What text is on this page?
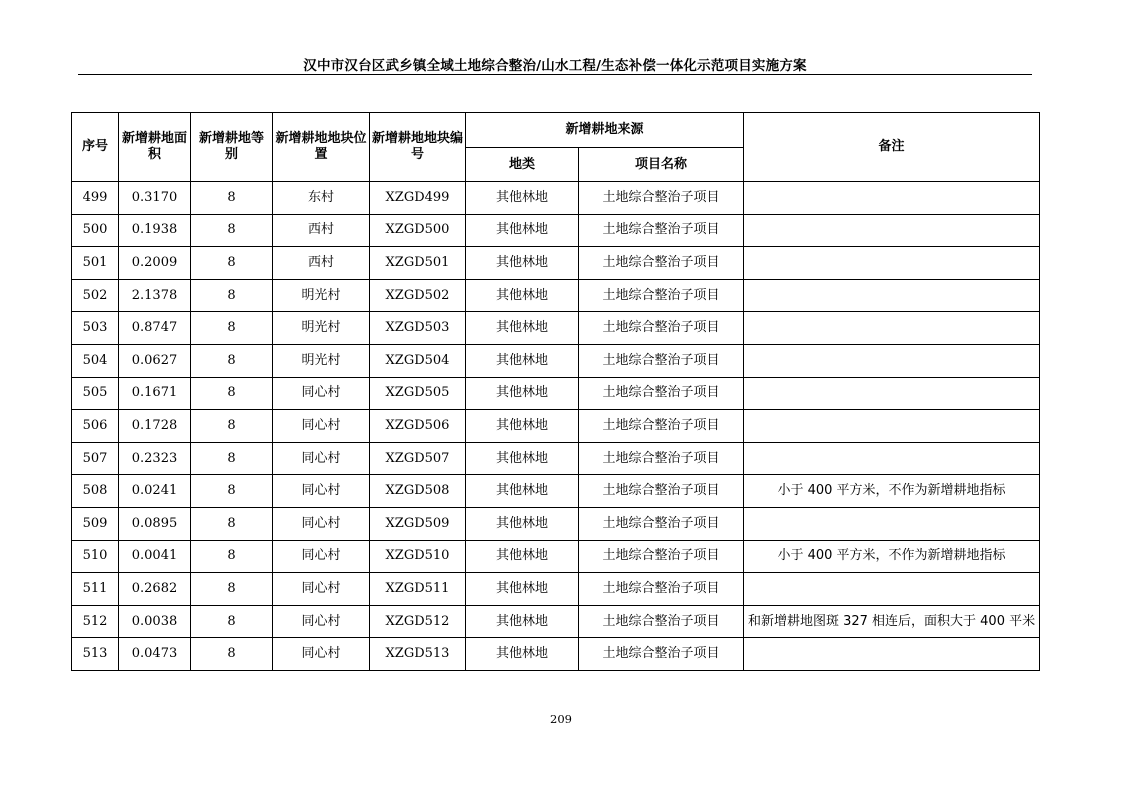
汉中市汉台区武乡镇全域土地综合整治/山水工程/生态补偿一体化示范项目实施方案
序号	新增耕地面积	新增耕地等别	新增耕地地块位置	新增耕地地块编号	新增耕地来源		备注
					地类	项目名称	
499	0.3170	8	东村	XZGD499	其他林地	土地综合整治子项目	
500	0.1938	8	西村	XZGD500	其他林地	土地综合整治子项目	
501	0.2009	8	西村	XZGD501	其他林地	土地综合整治子项目	
502	2.1378	8	明光村	XZGD502	其他林地	土地综合整治子项目	
503	0.8747	8	明光村	XZGD503	其他林地	土地综合整治子项目	
504	0.0627	8	明光村	XZGD504	其他林地	土地综合整治子项目	
505	0.1671	8	同心村	XZGD505	其他林地	土地综合整治子项目	
506	0.1728	8	同心村	XZGD506	其他林地	土地综合整治子项目	
507	0.2323	8	同心村	XZGD507	其他林地	土地综合整治子项目	
508	0.0241	8	同心村	XZGD508	其他林地	土地综合整治子项目	小于 400 平方米，不作为新增耕地指标
509	0.0895	8	同心村	XZGD509	其他林地	土地综合整治子项目	
510	0.0041	8	同心村	XZGD510	其他林地	土地综合整治子项目	小于 400 平方米，不作为新增耕地指标
511	0.2682	8	同心村	XZGD511	其他林地	土地综合整治子项目	
512	0.0038	8	同心村	XZGD512	其他林地	土地综合整治子项目	和新增耕地图斑 327 相连后，面积大于 400 平米
513	0.0473	8	同心村	XZGD513	其他林地	土地综合整治子项目	
209
